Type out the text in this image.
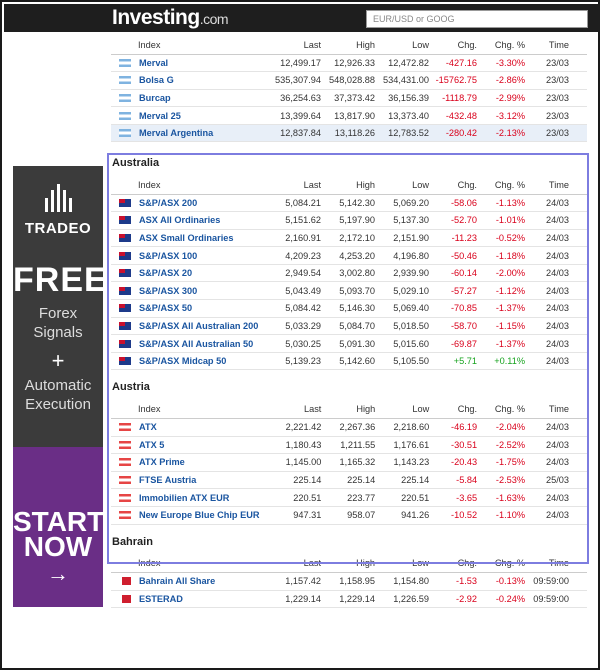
Investing.com	EUR/USD or GOOG
TRADEO
FREE
Forex
Signals
+
Automatic
Execution
START
NOW
→
Index	Last	High	Low	Chg.	Chg. %	Time
Merval	12,499.17	12,926.33	12,472.82	-427.16	-3.30%	23/03
Bolsa G	535,307.94	548,028.88	534,431.00	-15762.75	-2.86%	23/03
Burcap	36,254.63	37,373.42	36,156.39	-1118.79	-2.99%	23/03
Merval 25	13,399.64	13,817.90	13,373.40	-432.48	-3.12%	23/03
Merval Argentina	12,837.84	13,118.26	12,783.52	-280.42	-2.13%	23/03
Australia
Index	Last	High	Low	Chg.	Chg. %	Time
S&P/ASX 200	5,084.21	5,142.30	5,069.20	-58.06	-1.13%	24/03
ASX All Ordinaries	5,151.62	5,197.90	5,137.30	-52.70	-1.01%	24/03
ASX Small Ordinaries	2,160.91	2,172.10	2,151.90	-11.23	-0.52%	24/03
S&P/ASX 100	4,209.23	4,253.20	4,196.80	-50.46	-1.18%	24/03
S&P/ASX 20	2,949.54	3,002.80	2,939.90	-60.14	-2.00%	24/03
S&P/ASX 300	5,043.49	5,093.70	5,029.10	-57.27	-1.12%	24/03
S&P/ASX 50	5,084.42	5,146.30	5,069.40	-70.85	-1.37%	24/03
S&P/ASX All Australian 200	5,033.29	5,084.70	5,018.50	-58.70	-1.15%	24/03
S&P/ASX All Australian 50	5,030.25	5,091.30	5,015.60	-69.87	-1.37%	24/03
S&P/ASX Midcap 50	5,139.23	5,142.60	5,105.50	+5.71	+0.11%	24/03
Austria
Index	Last	High	Low	Chg.	Chg. %	Time
ATX	2,221.42	2,267.36	2,218.60	-46.19	-2.04%	24/03
ATX 5	1,180.43	1,211.55	1,176.61	-30.51	-2.52%	24/03
ATX Prime	1,145.00	1,165.32	1,143.23	-20.43	-1.75%	24/03
FTSE Austria	225.14	225.14	225.14	-5.84	-2.53%	25/03
Immobilien ATX EUR	220.51	223.77	220.51	-3.65	-1.63%	24/03
New Europe Blue Chip EUR	947.31	958.07	941.26	-10.52	-1.10%	24/03
Bahrain
Index	Last	High	Low	Chg.	Chg. %	Time
Bahrain All Share	1,157.42	1,158.95	1,154.80	-1.53	-0.13%	09:59:00
ESTERAD	1,229.14	1,229.14	1,226.59	-2.92	-0.24%	09:59:00
